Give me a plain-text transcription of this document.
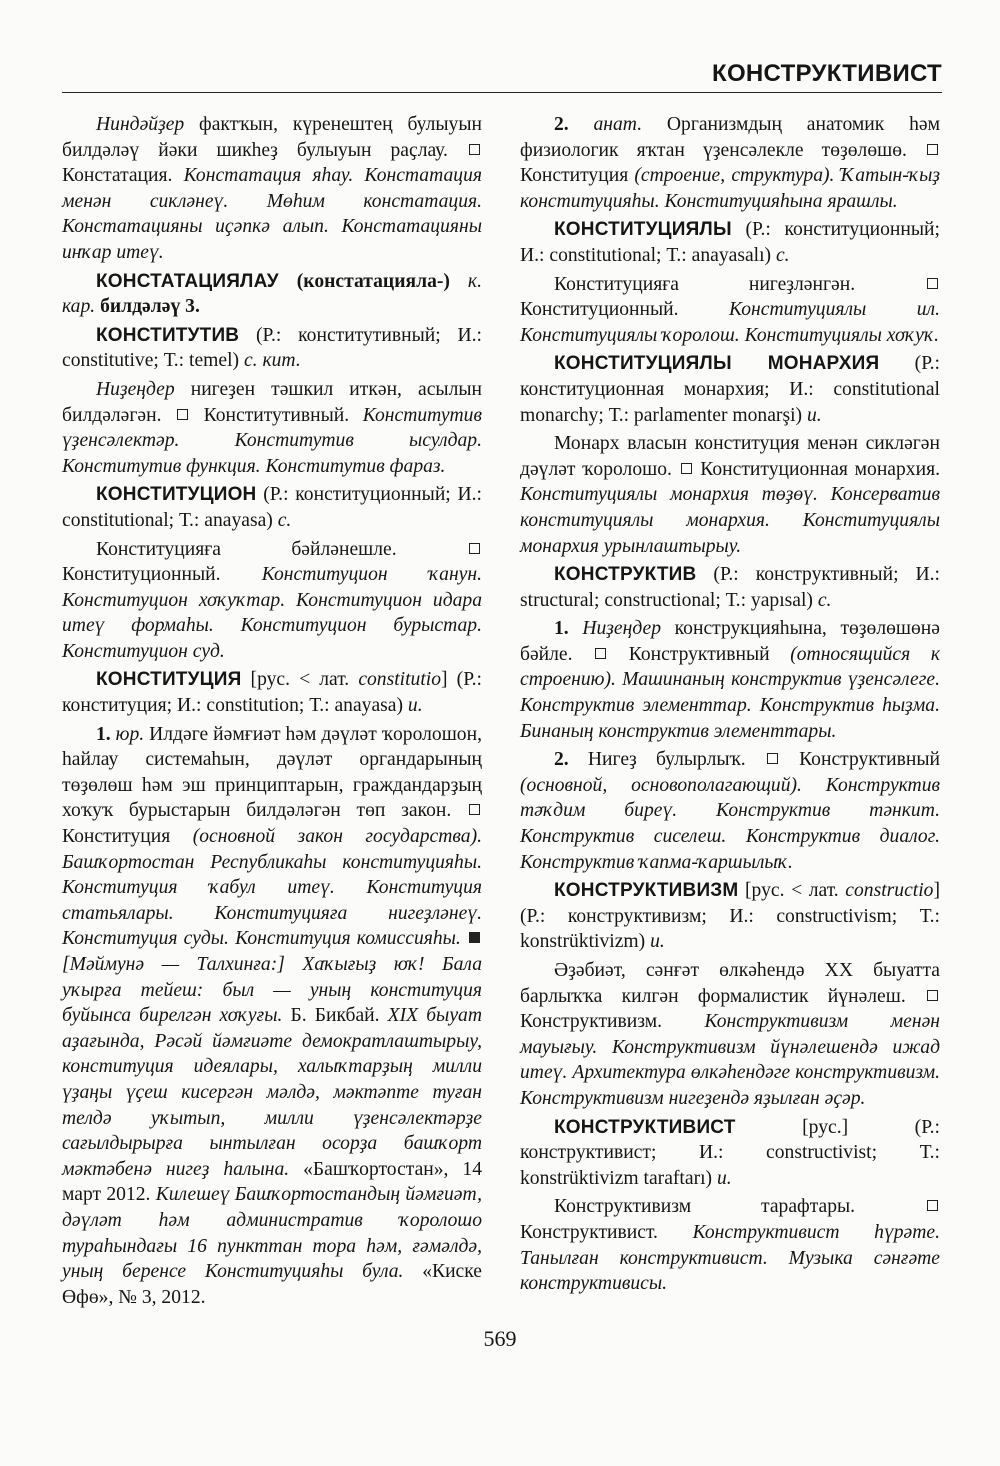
КОНСТРУКТИВИСТ

Ниндәйҙер фактҡын, күренештең булыуын билдәләү йәки шикһеҙ булыуын раҫлау.  Констатация. Констатация яһау. Констатация менән сикләнеү. Мөһим констатация. Констатацияны иҫәпкә алып. Констатацияны инҡар итеү.

КОНСТАТАЦИЯЛАУ (констатациялa-) к. кар. билдәләү 3.

КОНСТИТУТИВ (Р.: конститутивный; И.: constitutive; Т.: temel) с. кит.

Ниҙеңдер нигеҙен тәшкил иткән, асылын билдәләгән.  Конститутивный. Конститутив үҙенсәлектәр. Конститутив ысулдар. Конститутив функция. Конститутив фараз.

КОНСТИТУЦИОН (Р.: конституционный; И.: constitutional; Т.: anayasa) с.

Конституцияға бәйләнешле.  Конституционный. Конституцион ҡанун. Конституцион хоҡуҡтар. Конституцион идара итеү формаһы. Конституцион бурыстар. Конституцион суд.

КОНСТИТУЦИЯ [рус. < лат. constitutio] (Р.: конституция; И.: constitution; Т.: anayasa) и.

1. юр. Илдәге йәмғиәт һәм дәүләт ҡоролошон, һайлау системаһын, дәүләт органдарының төҙөлөш һәм эш принциптарын, граждандарҙың хоҡуҡ бурыстарын билдәләгән төп закон.  Конституция (основной закон государства). Башҡортостан Республикаһы конституцияһы. Конституция ҡабул итеү. Конституция статьялары. Конституцияға нигеҙләнеү. Конституция суды. Конституция комиссияһы.  [Мәймунә — Талхинға:] Хаҡығыҙ юҡ! Бала уҡырға тейеш: был — уның конституция буйынса бирелгән хоҡуғы. Б. Бикбай. XIX быуат аҙағында, Рәсәй йәмғиәте демократлаштырыу, конституция идеялары, халыҡтарҙың милли үҙаңы үҫеш кисергән мәлдә, мәктәпте туған телдә уҡытып, милли үҙенсәлектәрҙе сағылдырырға ынтылған осорҙа башҡорт мәктәбенә нигеҙ һалына. «Башҡортостан», 14 март 2012. Килешеү Башҡортостандың йәмғиәт, дәүләт һәм административ ҡоролошо тураһындағы 16 пункттан тора һәм, ғәмәлдә, уның беренсе Конституцияһы була. «Киске Өфө», № 3, 2012.

2. анат. Организмдың анатомик һәм физиологик яҡтан үҙенсәлекле төҙөлөшө.  Конституция (строение, структура). Ҡатын-ҡыҙ конституцияһы. Конституцияһына ярашлы.

КОНСТИТУЦИЯЛЫ (Р.: конституционный; И.: constitutional; Т.: anayasalı) с.

Конституцияға нигеҙләнгән.  Конституционный. Конституциялы ил. Конституциялы ҡоролош. Конституциялы хоҡуҡ.

КОНСТИТУЦИЯЛЫ МОНАРХИЯ (Р.: конституционная монархия; И.: constitutional monarchy; Т.: parlamenter monarşi) и.

Монарх власын конституция менән сикләгән дәүләт ҡоролошо.  Конституционная монархия. Конституциялы монархия төҙөү. Консерватив конституциялы монархия. Конституциялы монархия урынлаштырыу.

КОНСТРУКТИВ (Р.: конструктивный; И.: structural; constructional; Т.: yapısal) с.

1. Ниҙеңдер конструкцияһына, төҙөлөшөнә бәйле.  Конструктивный (относящийся к строению). Машинаның конструктив үҙенсәлеге. Конструктив элементтар. Конструктив һыҙма. Бинаның конструктив элементтары.

2. Нигеҙ булырлыҡ.  Конструктивный (основной, основополагающий). Конструктив тәҡдим биреү. Конструктив тәнкит. Конструктив сиселеш. Конструктив диалог. Конструктив ҡапма-ҡаршылыҡ.

КОНСТРУКТИВИЗМ [рус. < лат. constructio] (Р.: конструктивизм; И.: constructivism; Т.: konstrüktivizm) и.

Әҙәбиәт, сәнғәт өлкәһендә XX быуатта барлыҡҡа килгән формалистик йүнәлеш.  Конструктивизм. Конструктивизм менән мауығыу. Конструктивизм йүнәлешендә ижад итеү. Архитектура өлкәһендәге конструктивизм. Конструктивизм нигеҙендә яҙылған әҫәр.

КОНСТРУКТИВИСТ [рус.] (Р.: конструктивист; И.: constructivist; Т.: konstrüktivizm taraftarı) и.

Конструктивизм тарафтары.  Конструктивист. Конструктивист һүрәте. Танылған конструктивист. Музыка сәнғәте конструктивисы.

569
